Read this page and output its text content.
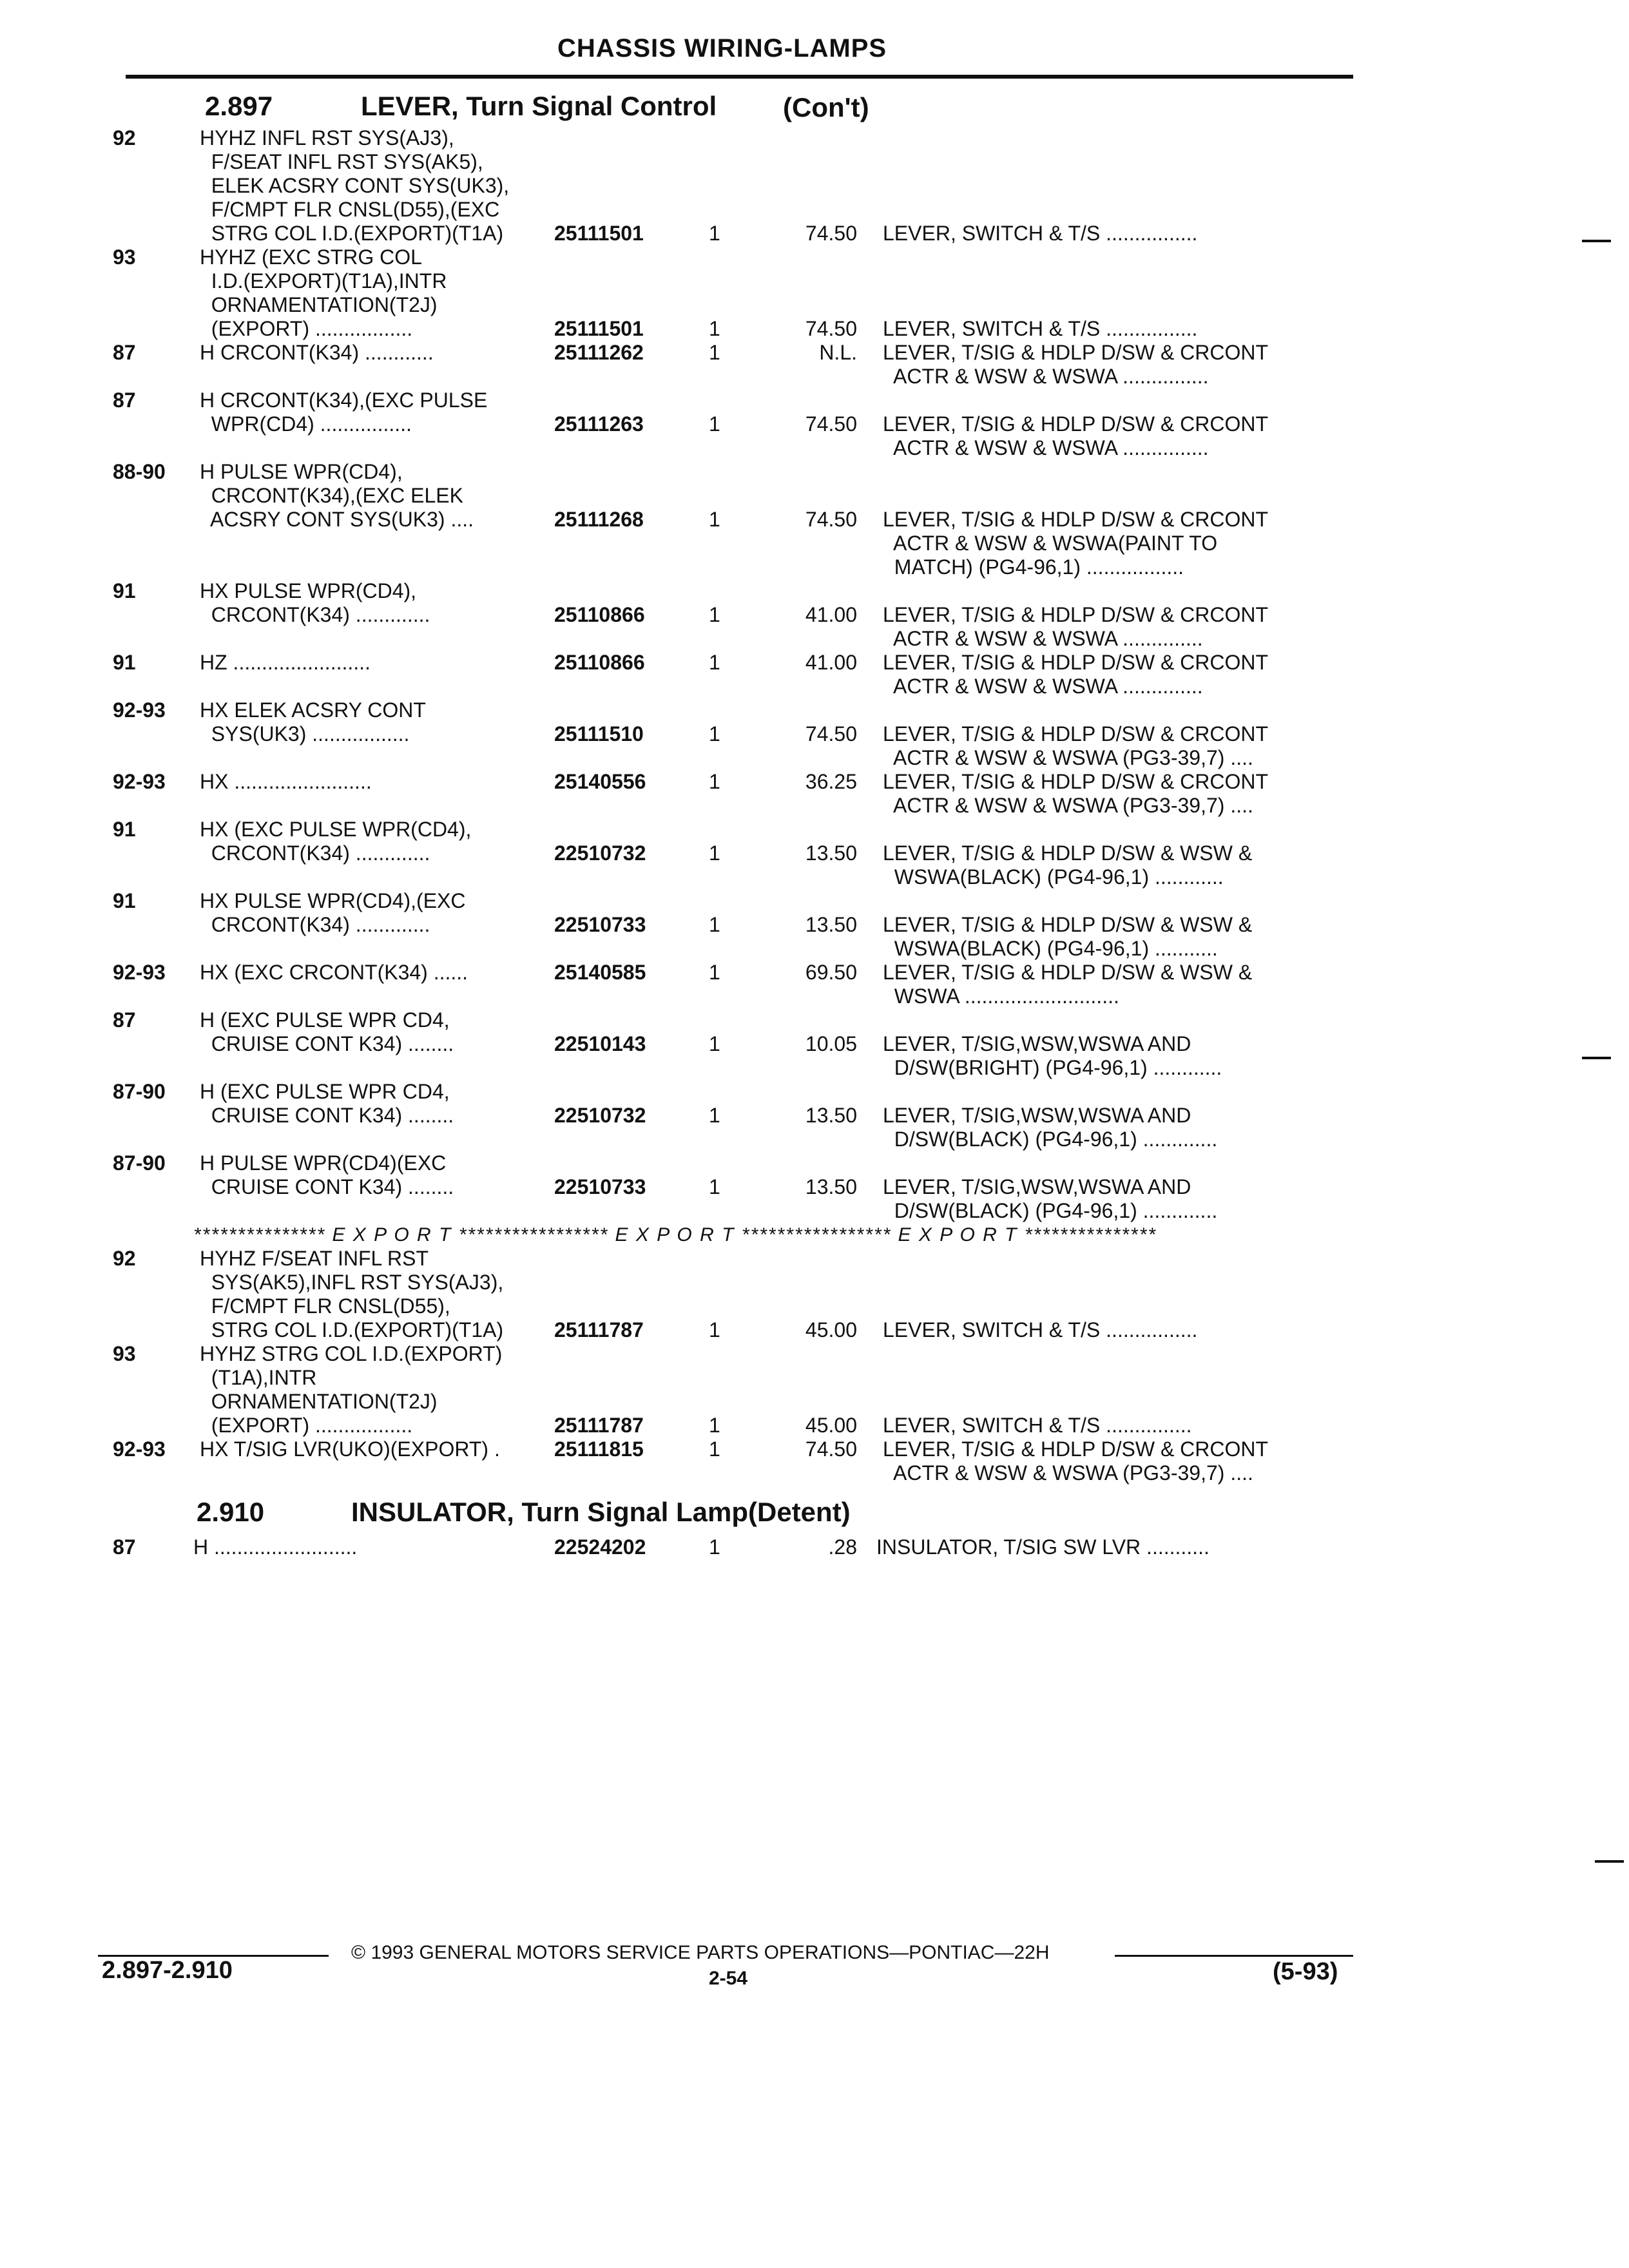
CHASSIS WIRING-LAMPS
2.897	LEVER, Turn Signal Control (Con't)
92	HYHZ INFL RST SYS(AJ3),
F/SEAT INFL RST SYS(AK5),
ELEK ACSRY CONT SYS(UK3),
F/CMPT FLR CNSL(D55),(EXC
STRG COL I.D.(EXPORT)(T1A)	25111501	1	74.50 LEVER, SWITCH & T/S ................
93	HYHZ (EXC STRG COL
I.D.(EXPORT)(T1A),INTR
ORNAMENTATION(T2J)
(EXPORT) .................	25111501	1	74.50 LEVER, SWITCH & T/S ................
87	H CRCONT(K34) ............	25111262	1	N.L. LEVER, T/SIG & HDLP D/SW & CRCONT
ACTR & WSW & WSWA ...............
87	H CRCONT(K34),(EXC PULSE
WPR(CD4) ................	25111263	1	74.50 LEVER, T/SIG & HDLP D/SW & CRCONT
ACTR & WSW & WSWA ...............
88-90	H PULSE WPR(CD4),
CRCONT(K34),(EXC ELEK
ACSRY CONT SYS(UK3) ....	25111268	1	74.50 LEVER, T/SIG & HDLP D/SW & CRCONT
ACTR & WSW & WSWA(PAINT TO
MATCH) (PG4-96,1) .................
91	HX PULSE WPR(CD4),
CRCONT(K34) .............	25110866	1	41.00 LEVER, T/SIG & HDLP D/SW & CRCONT
ACTR & WSW & WSWA ..............
91	HZ ........................	25110866	1	41.00 LEVER, T/SIG & HDLP D/SW & CRCONT
ACTR & WSW & WSWA ..............
92-93	HX ELEK ACSRY CONT
SYS(UK3) .................	25111510	1	74.50 LEVER, T/SIG & HDLP D/SW & CRCONT
ACTR & WSW & WSWA (PG3-39,7) ....
92-93	HX ........................	25140556	1	36.25 LEVER, T/SIG & HDLP D/SW & CRCONT
ACTR & WSW & WSWA (PG3-39,7) ....
91	HX (EXC PULSE WPR(CD4),
CRCONT(K34) .............	22510732	1	13.50 LEVER, T/SIG & HDLP D/SW & WSW &
WSWA(BLACK) (PG4-96,1) ............
91	HX PULSE WPR(CD4),(EXC
CRCONT(K34) .............	22510733	1	13.50 LEVER, T/SIG & HDLP D/SW & WSW &
WSWA(BLACK) (PG4-96,1) ...........
92-93	HX (EXC CRCONT(K34) ......	25140585	1	69.50 LEVER, T/SIG & HDLP D/SW & WSW &
WSWA ...........................
87	H (EXC PULSE WPR CD4,
CRUISE CONT K34) ........	22510143	1	10.05 LEVER, T/SIG,WSW,WSWA AND
D/SW(BRIGHT) (PG4-96,1) ............
87-90	H (EXC PULSE WPR CD4,
CRUISE CONT K34) ........	22510732	1	13.50 LEVER, T/SIG,WSW,WSWA AND
D/SW(BLACK) (PG4-96,1) .............
87-90	H PULSE WPR(CD4)(EXC
CRUISE CONT K34) ........	22510733	1	13.50 LEVER, T/SIG,WSW,WSWA AND
D/SW(BLACK) (PG4-96,1) .............
*************** E X P O R T ***************** E X P O R T ***************** E X P O R T ***************
92	HYHZ F/SEAT INFL RST
SYS(AK5),INFL RST SYS(AJ3),
F/CMPT FLR CNSL(D55),
STRG COL I.D.(EXPORT)(T1A)	25111787	1	45.00 LEVER, SWITCH & T/S ................
93	HYHZ STRG COL I.D.(EXPORT)
(T1A),INTR
ORNAMENTATION(T2J)
(EXPORT) .................	25111787	1	45.00 LEVER, SWITCH & T/S ...............
92-93	HX T/SIG LVR(UKO)(EXPORT) .	25111815	1	74.50 LEVER, T/SIG & HDLP D/SW & CRCONT
ACTR & WSW & WSWA (PG3-39,7) ....
2.910	INSULATOR, Turn Signal Lamp(Detent)
87	H .........................	22524202	1	.28 INSULATOR, T/SIG SW LVR ...........
© 1993 GENERAL MOTORS SERVICE PARTS OPERATIONS—PONTIAC—22H
2.897-2.910	2-54	(5-93)
